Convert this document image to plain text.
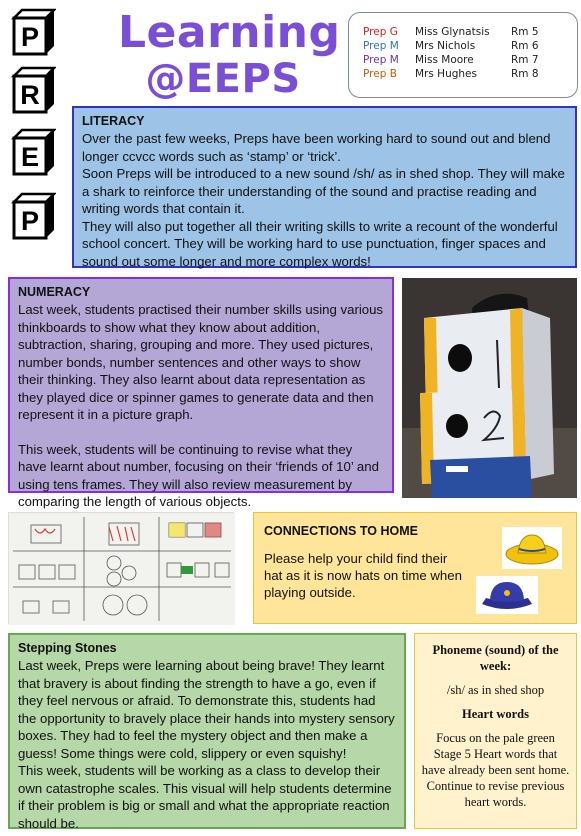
P
R
E
P
Learning
@EEPS
Prep G	Miss Glynatsis	Rm 5
Prep M	Mrs Nichols	Rm 6
Prep M	Miss Moore	Rm 7
Prep B	Mrs Hughes	Rm 8
LITERACY

Over the past few weeks, Preps have been working hard to sound out and blend longer ccvcc words such as ‘stamp’ or ‘trick’.

Soon Preps will be introduced to a new sound /sh/ as in shed shop. They will make a shark to reinforce their understanding of the sound and practise reading and writing words that contain it.

They will also put together all their writing skills to write a recount of the wonderful school concert. They will be working hard to use punctuation, finger spaces and sound out some longer and more complex words!

NUMERACY

Last week, students practised their number skills using various thinkboards to show what they know about addition, subtraction, sharing, grouping and more. They used pictures, number bonds, number sentences and other ways to show their thinking. They also learnt about data representation as they played dice or spinner games to generate data and then represent it in a picture graph.

This week, students will be continuing to revise what they have learnt about number, focusing on their ‘friends of 10’ and using tens frames. They will also review measurement by comparing the length of various objects.

CONNECTIONS TO HOME

Please help your child find their hat as it is now hats on time when playing outside.

Stepping Stones

Last week, Preps were learning about being brave! They learnt that bravery is about finding the strength to have a go, even if they feel nervous or afraid. To demonstrate this, students had the opportunity to bravely place their hands into mystery sensory boxes. They had to feel the mystery object and then make a guess! Some things were cold, slippery or even squishy!

This week, students will be working as a class to develop their own catastrophe scales. This visual will help students determine if their problem is big or small and what the appropriate reaction should be.

Phoneme (sound) of the week:
/sh/ as in shed shop
Heart words
Focus on the pale green Stage 5 Heart words that have already been sent home. Continue to revise previous heart words.
